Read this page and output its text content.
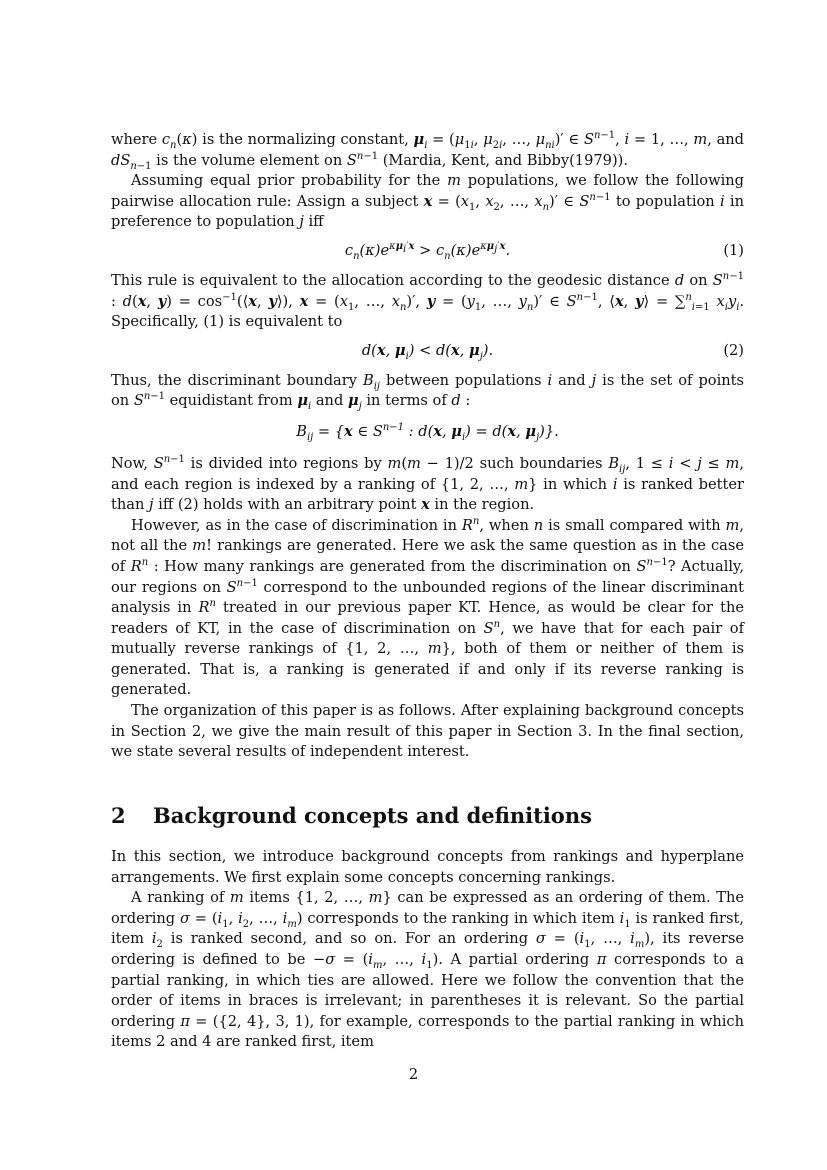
where $c_n(\kappa)$ is the normalizing constant, $\mu_i = (\mu_{1i}$, $\mu_{2i}$, …, $\mu_{ni})'$ ∈ $S^{n-1}$, i = 1, …, m, and $dS_{n-1}$ is the volume element on $S^{n-1}$ (Mardia, Kent, and Bibby(1979)).

Assuming equal prior probability for the m populations, we follow the following pairwise allocation rule: Assign a subject $x = (x_1$, $x_2$, …, $x_n)'$ ∈ $S^{n-1}$ to population i in preference to population j iff

$c_n(\kappa)e^{\kappa\mu_i'x} > c_n(\kappa)e^{\kappa\mu_j'x}$.	(1)

This rule is equivalent to the allocation according to the geodesic distance d on $S^{n-1}$ : d(x, $y) = \cos^{-1}(⟨x$, y⟩), $x = (x_1$, …, $x_n)'$, $y = (y_1$, …, $y_n)'$ ∈ $S^{n-1}$, ⟨x, y⟩ = ∑$^n_{i=1}$ $x_iy_i$. Specifically, (1) is equivalent to

d(x, $\mu_i) < d(x$, $\mu_j$).	(2)

Thus, the discriminant boundary $B_{ij}$ between populations i and j is the set of points on $S^{n-1}$ equidistant from $\mu_i$ and $\mu_j$ in terms of d :

$B_{ij} = \{x$ ∈ $S^{n-1}$ : d(x, $\mu_i) = d(x$, $\mu_j$)}.

Now, $S^{n-1}$ is divided into regions by m(m − 1)/2 such boundaries $B_{ij}$, 1 ≤ i < j ≤ m, and each region is indexed by a ranking of {1, 2, …, m} in which i is ranked better than j iff (2) holds with an arbitrary point x in the region.

However, as in the case of discrimination in $R^n$, when n is small compared with m, not all the m! rankings are generated. Here we ask the same question as in the case of $R^n$ : How many rankings are generated from the discrimination on $S^{n-1}$? Actually, our regions on $S^{n-1}$ correspond to the unbounded regions of the linear discriminant analysis in $R^n$ treated in our previous paper KT. Hence, as would be clear for the readers of KT, in the case of discrimination on $S^n$, we have that for each pair of mutually reverse rankings of {1, 2, …, m}, both of them or neither of them is generated. That is, a ranking is generated if and only if its reverse ranking is generated.

The organization of this paper is as follows. After explaining background concepts in Section 2, we give the main result of this paper in Section 3. In the final section, we state several results of independent interest.

2 Background concepts and definitions

In this section, we introduce background concepts from rankings and hyperplane arrangements. We first explain some concepts concerning rankings.

A ranking of m items {1, 2, …, m} can be expressed as an ordering of them. The ordering $\sigma = (i_1$, $i_2$, …, $i_m$) corresponds to the ranking in which item $i_1$ is ranked first, item $i_2$ is ranked second, and so on. For an ordering $\sigma = (i_1$, …, $i_m$), its reverse ordering is defined to be $-\sigma = (i_m$, …, $i_1$). A partial ordering π corresponds to a partial ranking, in which ties are allowed. Here we follow the convention that the order of items in braces is irrelevant; in parentheses it is relevant. So the partial ordering π = ({2, 4}, 3, 1), for example, corresponds to the partial ranking in which items 2 and 4 are ranked first, item

2
